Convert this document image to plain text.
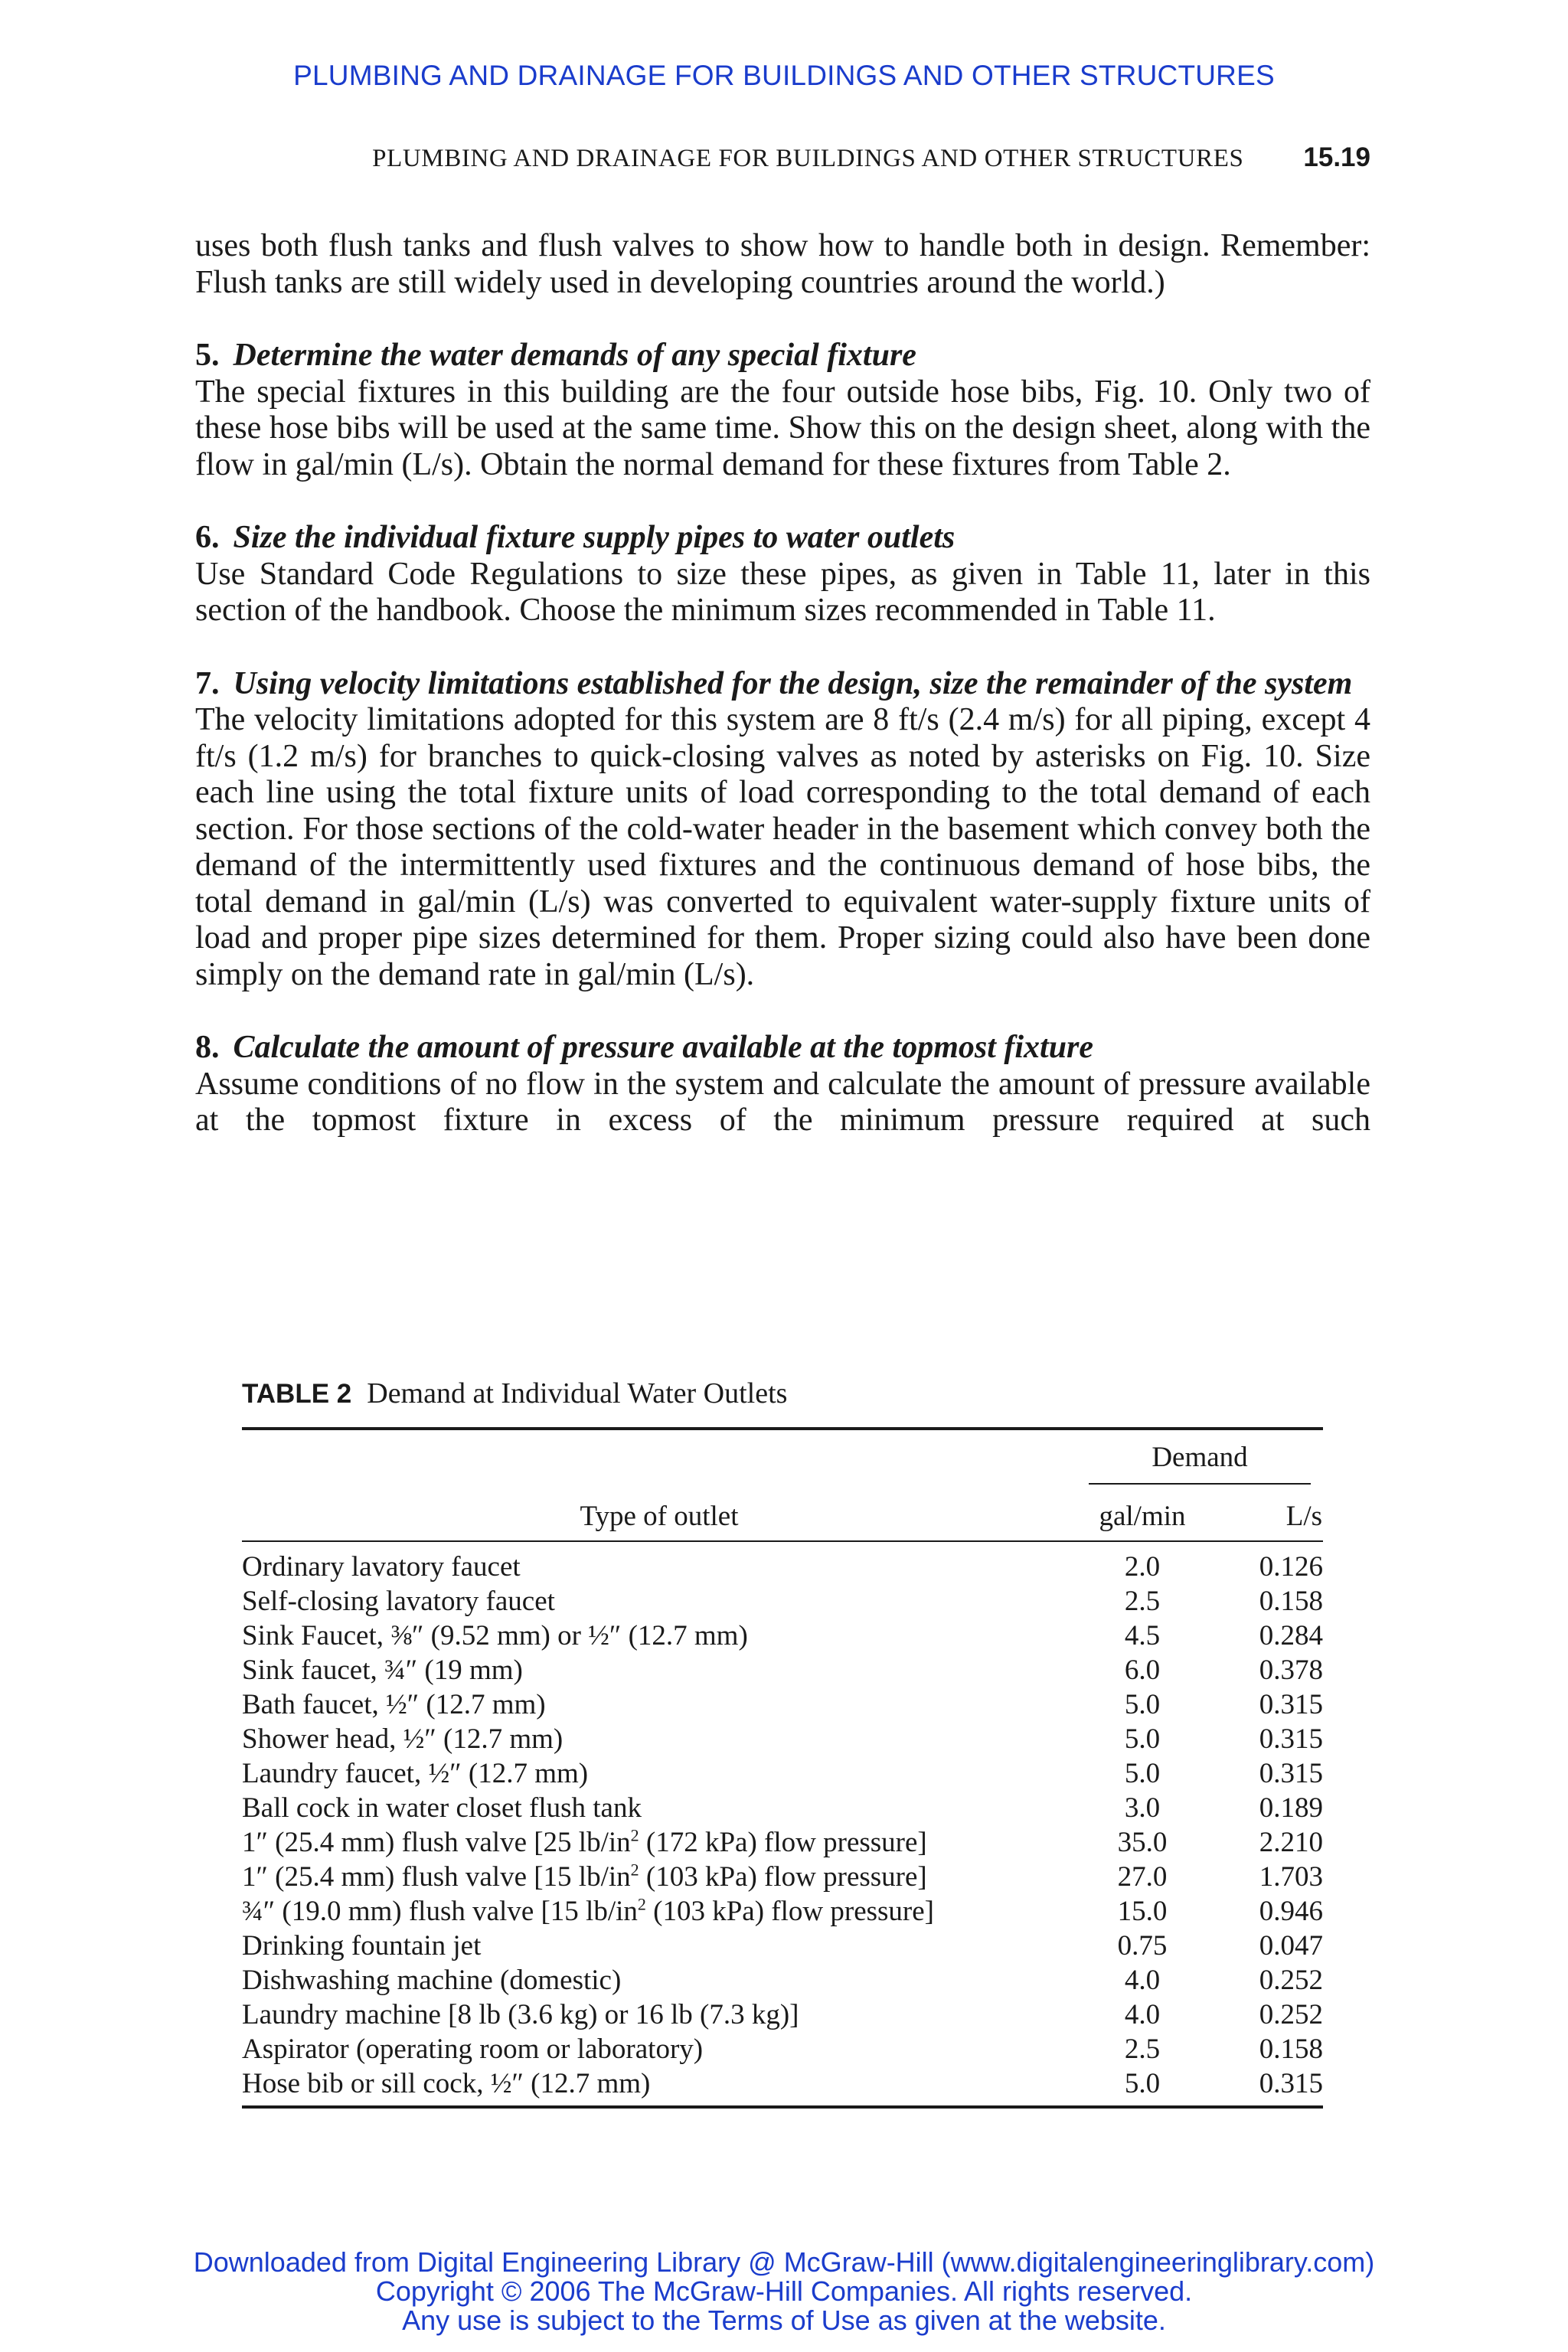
PLUMBING AND DRAINAGE FOR BUILDINGS AND OTHER STRUCTURES
PLUMBING AND DRAINAGE FOR BUILDINGS AND OTHER STRUCTURES 15.19

uses both flush tanks and flush valves to show how to handle both in design. Remember: Flush tanks are still widely used in developing countries around the world.)

5. Determine the water demands of any special fixture

The special fixtures in this building are the four outside hose bibs, Fig. 10. Only two of these hose bibs will be used at the same time. Show this on the design sheet, along with the flow in gal/min (L/s). Obtain the normal demand for these fixtures from Table 2.

6. Size the individual fixture supply pipes to water outlets

Use Standard Code Regulations to size these pipes, as given in Table 11, later in this section of the handbook. Choose the minimum sizes recommended in Table 11.

7. Using velocity limitations established for the design, size the remainder of the system

The velocity limitations adopted for this system are 8 ft/s (2.4 m/s) for all piping, except 4 ft/s (1.2 m/s) for branches to quick-closing valves as noted by asterisks on Fig. 10. Size each line using the total fixture units of load corresponding to the total demand of each section. For those sections of the cold-water header in the basement which convey both the demand of the intermittently used fixtures and the continuous demand of hose bibs, the total demand in gal/min (L/s) was converted to equivalent water-supply fixture units of load and proper pipe sizes determined for them. Proper sizing could also have been done simply on the demand rate in gal/min (L/s).

8. Calculate the amount of pressure available at the topmost fixture

Assume conditions of no flow in the system and calculate the amount of pressure available at the topmost fixture in excess of the minimum pressure required at such

TABLE 2 Demand at Individual Water Outlets
	Demand	
Type of outlet	gal/min	L/s
Ordinary lavatory faucet	2.0	0.126
Self-closing lavatory faucet	2.5	0.158
Sink Faucet, ⅜″ (9.52 mm) or ½″ (12.7 mm)	4.5	0.284
Sink faucet, ¾″ (19 mm)	6.0	0.378
Bath faucet, ½″ (12.7 mm)	5.0	0.315
Shower head, ½″ (12.7 mm)	5.0	0.315
Laundry faucet, ½″ (12.7 mm)	5.0	0.315
Ball cock in water closet flush tank	3.0	0.189
1″ (25.4 mm) flush valve [25 $lb/in^2$ (172 kPa) flow pressure]	35.0	2.210
1″ (25.4 mm) flush valve [15 $lb/in^2$ (103 kPa) flow pressure]	27.0	1.703
¾″ (19.0 mm) flush valve [15 $lb/in^2$ (103 kPa) flow pressure]	15.0	0.946
Drinking fountain jet	0.75	0.047
Dishwashing machine (domestic)	4.0	0.252
Laundry machine [8 lb (3.6 kg) or 16 lb (7.3 kg)]	4.0	0.252
Aspirator (operating room or laboratory)	2.5	0.158
Hose bib or sill cock, ½″ (12.7 mm)	5.0	0.315
Downloaded from Digital Engineering Library @ McGraw-Hill (www.digitalengineeringlibrary.com)
Copyright © 2006 The McGraw-Hill Companies. All rights reserved.
Any use is subject to the Terms of Use as given at the website.
